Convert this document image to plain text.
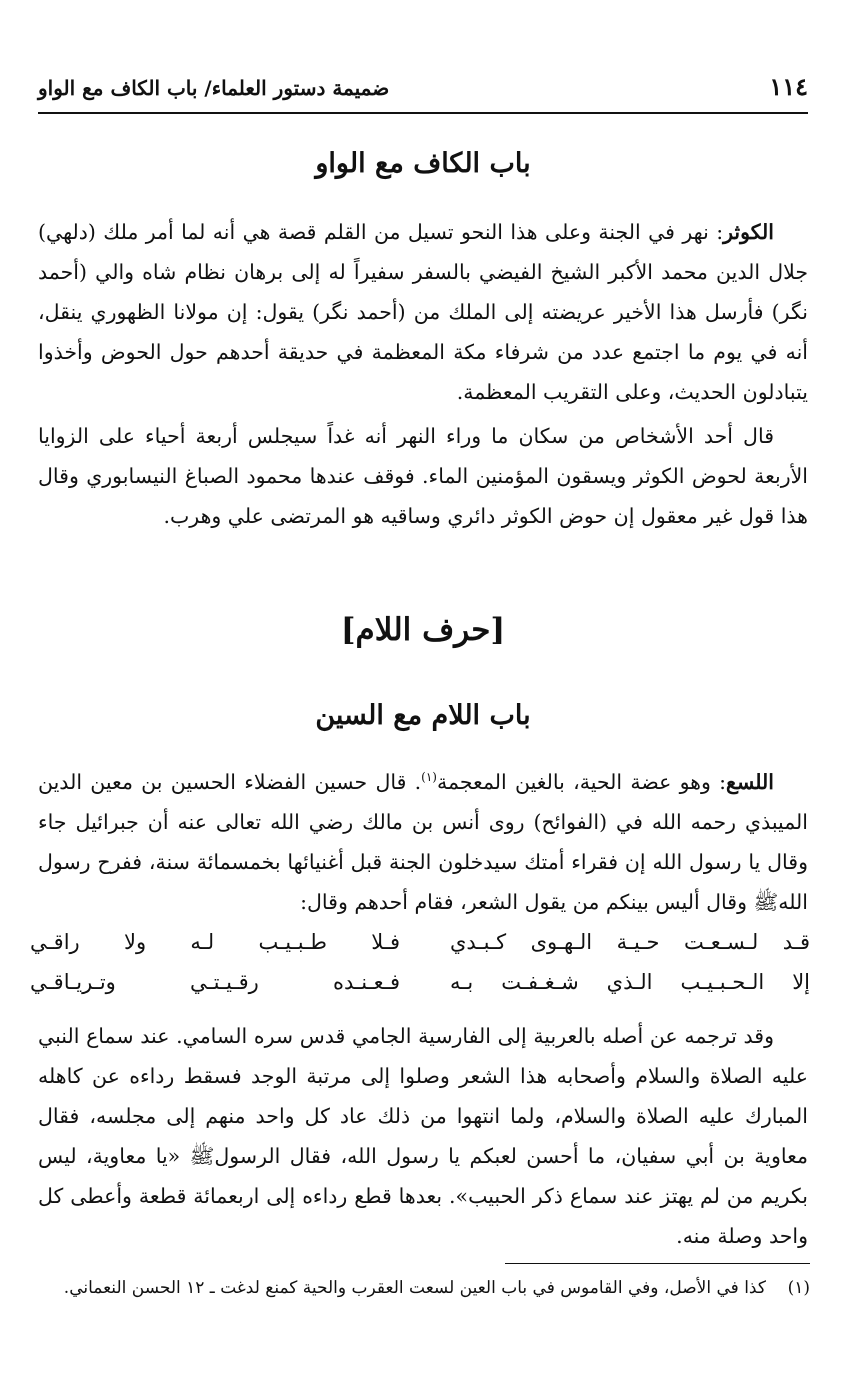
١١٤
ضميمة دستور العلماء/ باب الكاف مع الواو
باب الكاف مع الواو

الكوثر: نهر في الجنة وعلى هذا النحو تسيل من القلم قصة هي أنه لما أمر ملك (دلهي) جلال الدين محمد الأكبر الشيخ الفيضي بالسفر سفيراً له إلى برهان نظام شاه والي (أحمد نگر) فأرسل هذا الأخير عريضته إلى الملك من (أحمد نگر) يقول: إن مولانا الظهوري ينقل، أنه في يوم ما اجتمع عدد من شرفاء مكة المعظمة في حديقة أحدهم حول الحوض وأخذوا يتبادلون الحديث، وعلى التقريب المعظمة.

قال أحد الأشخاص من سكان ما وراء النهر أنه غداً سيجلس أربعة أحياء على الزوايا الأربعة لحوض الكوثر ويسقون المؤمنين الماء. فوقف عندها محمود الصباغ النيسابوري وقال هذا قول غير معقول إن حوض الكوثر دائري وساقيه هو المرتضى علي وهرب.

[حرف اللام]
باب اللام مع السين

اللسع: وهو عضة الحية، بالغين المعجمة$^{(١)}$. قال حسين الفضلاء الحسين بن معين الدين الميبذي رحمه الله في (الفوائح) روى أنس بن مالك رضي الله تعالى عنه أن جبرائيل جاء وقال يا رسول الله إن فقراء أمتك سيدخلون الجنة قبل أغنيائها بخمسمائة سنة، ففرح رسول اللهﷺ وقال أليس بينكم من يقول الشعر، فقام أحدهم وقال:

قـد لـسـعـت حـيـة الـهـوى كـبـدي
فـلا طـبـيـب لـه ولا راقـي
إلا الـحـبـيـب الـذي شـغـفـت بـه
فـعـنـده رقـيـتـي وتـريـاقـي

وقد ترجمه عن أصله بالعربية إلى الفارسية الجامي قدس سره السامي. عند سماع النبي عليه الصلاة والسلام وأصحابه هذا الشعر وصلوا إلى مرتبة الوجد فسقط رداءه عن كاهله المبارك عليه الصلاة والسلام، ولما انتهوا من ذلك عاد كل واحد منهم إلى مجلسه، فقال معاوية بن أبي سفيان، ما أحسن لعبكم يا رسول الله، فقال الرسولﷺ «يا معاوية، ليس بكريم من لم يهتز عند سماع ذكر الحبيب». بعدها قطع رداءه إلى اربعمائة قطعة وأعطى كل واحد وصلة منه.

(١)    كذا في الأصل، وفي القاموس في باب العين لسعت العقرب والحية كمنع لدغت ـ ١٢ الحسن النعماني.
